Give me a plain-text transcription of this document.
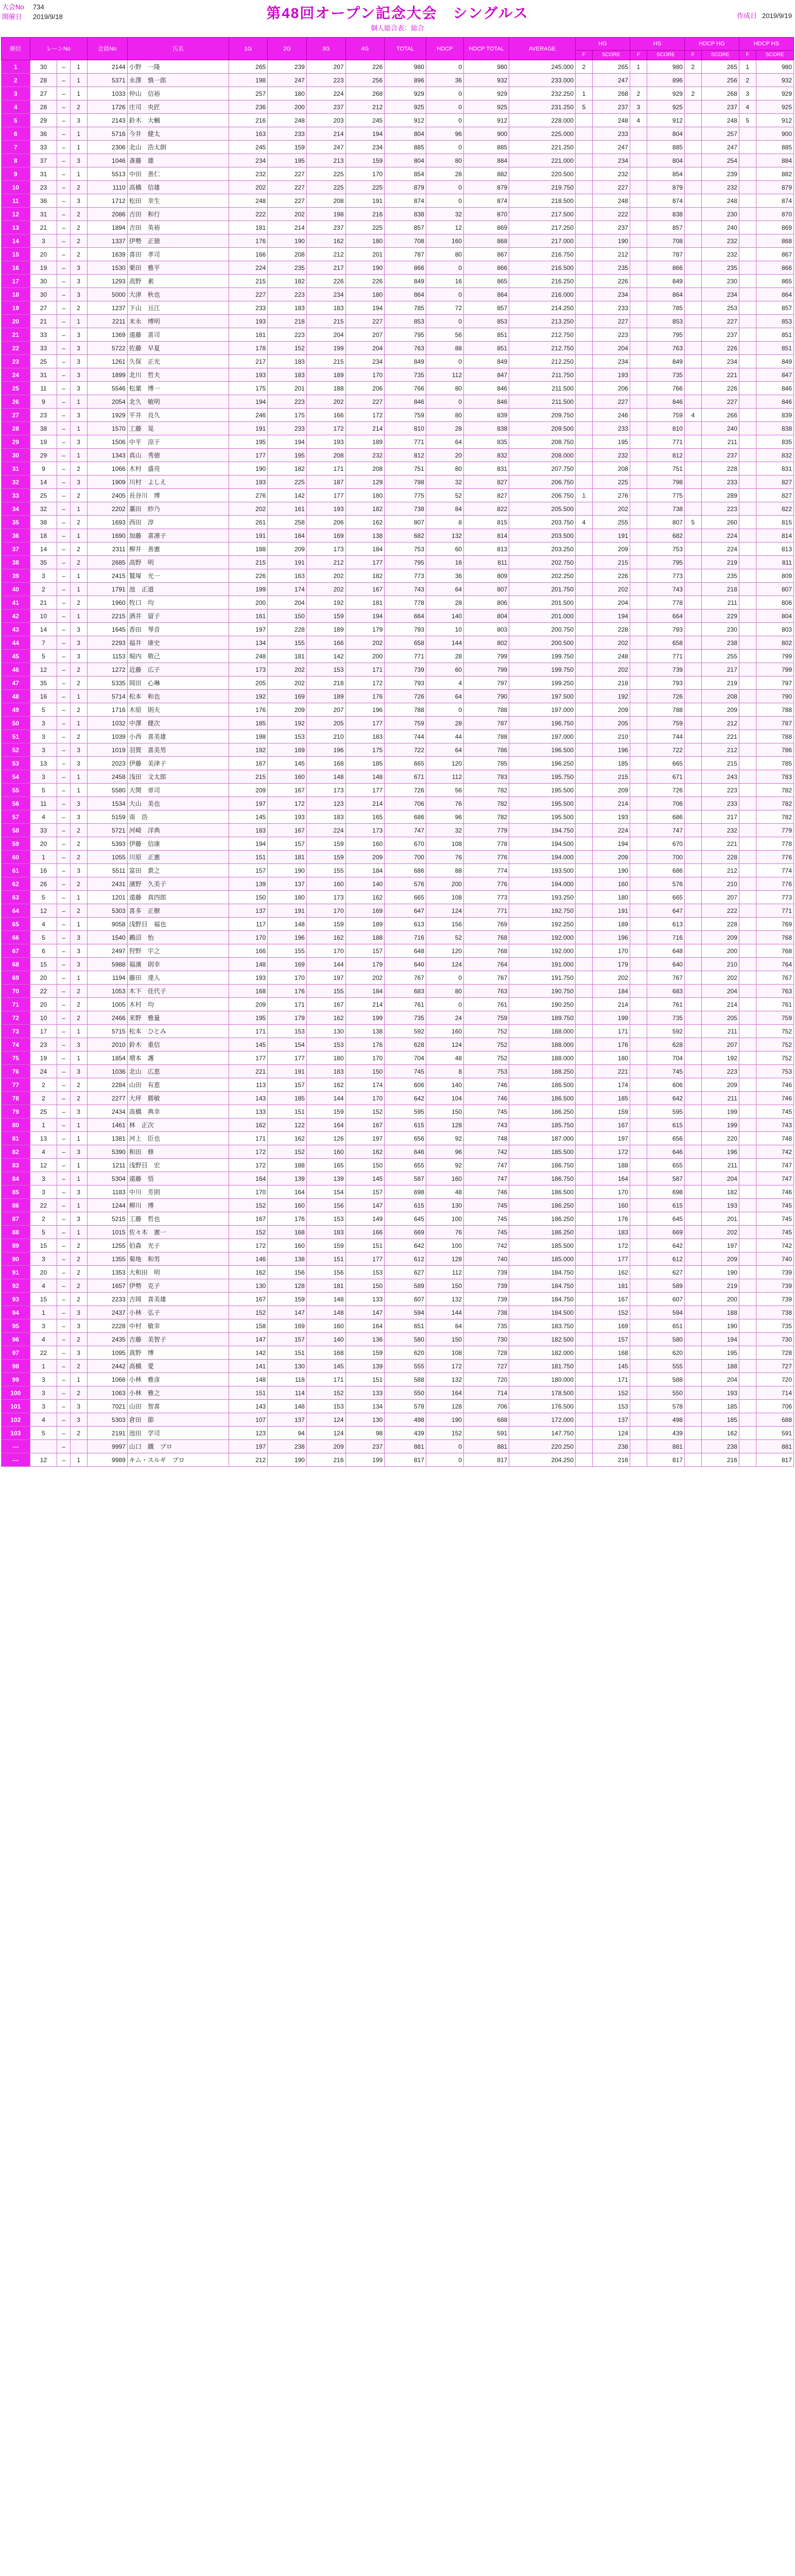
大会No	734
開催日	2019/9/18	第48回オープン記念大会　シングルス
個人総合表：総合
作成日 2019/9/19
順位	レーンNo			会員No	氏名	1G	2G	3G	4G	TOTAL	HDCP	HDCP TOTAL	AVERAGE	HG		HS		HDCP HG		HDCP HS	
														F	SCORE	F	SCORE	F	SCORE	F	SCORE
1	30	–	1	2144	小野　一隆	265	239	207	226	980	0	980	245.000	2	265	1	980	2	265	1	980
2	28	–	1	5371	永澤　慎一郎	198	247	223	256	896	36	932	233.000		247		896		256	2	932
3	27	–	1	1033	仲山　信裕	257	180	224	268	929	0	929	232.250	1	268	2	929	2	268	3	929
4	28	–	2	1726	庄司　央匠	236	200	237	212	925	0	925	231.250	5	237	3	925		237	4	925
5	29	–	3	2143	鈴木　大輔	216	248	203	245	912	0	912	228.000		248	4	912		248	5	912
6	36	–	1	5716	今井　健太	163	233	214	194	804	96	900	225.000		233		804		257		900
7	33	–	1	2306	北山　浩太朗	245	159	247	234	885	0	885	221.250		247		885		247		885
8	37	–	3	1046	斎藤　雄	234	195	213	159	804	80	884	221.000		234		804		254		884
9	31	–	1	5513	中田　善仁	232	227	225	170	854	28	882	220.500		232		854		239		882
10	23	–	2	1110	高橋　信雄	202	227	225	225	879	0	879	219.750		227		879		232		879
11	36	–	3	1712	松田　幸生	248	227	208	191	874	0	874	218.500		248		874		248		874
12	31	–	2	2086	吉田　和行	222	202	198	216	838	32	870	217.500		222		838		230		870
13	21	–	2	1894	吉田　英裕	181	214	237	225	857	12	869	217.250		237		857		240		869
14	3	–	2	1337	伊勢　正徳	176	190	162	180	708	160	868	217.000		190		708		232		868
15	20	–	2	1639	喜田　孝司	166	208	212	201	787	80	867	216.750		212		787		232		867
16	19	–	3	1530	栗田　雅平	224	235	217	190	866	0	866	216.500		235		866		235		866
17	30	–	3	1293	高野　素	215	182	226	226	849	16	865	216.250		226		849		230		865
18	30	–	3	5000	大津　秋也	227	223	234	180	864	0	864	216.000		234		864		234		864
19	27	–	2	1237	下山　亘江	233	183	183	194	785	72	857	214.250		233		785		253		857
20	21	–	1	2211	末永　博明	193	218	215	227	853	0	853	213.250		227		853		227		853
21	33	–	3	1369	遠藤　喜司	181	223	204	207	795	56	851	212.750		223		795		237		851
22	33	–	3	5722	佐藤　早夏	178	152	199	204	763	88	851	212.750		204		763		226		851
23	25	–	3	1261	久保　正光	217	183	215	234	849	0	849	212.250		234		849		234		849
24	31	–	3	1899	北川　哲夫	193	183	189	170	735	112	847	211.750		193		735		221		847
25	11	–	3	5546	松葉　博一	175	201	188	206	766	80	846	211.500		206		766		226		846
26	9	–	1	2054	北久　敏明	194	223	202	227	846	0	846	211.500		227		846		227		846
27	23	–	3	1929	平井　良久	246	175	166	172	759	80	839	209.750		246		759	4	266		839
28	38	–	1	1570	工藤　晃	191	233	172	214	810	28	838	209.500		233		810		240		838
29	19	–	3	1506	中平　涼子	195	194	193	189	771	64	835	208.750		195		771		211		835
30	29	–	1	1343	真山　秀徳	177	195	208	232	812	20	832	208.000		232		812		237		832
31	9	–	2	1066	木村　盛亮	190	182	171	208	751	80	831	207.750		208		751		228		831
32	14	–	3	1909	川村　よしえ	193	225	187	129	798	32	827	206.750		225		798		233		827
33	25	–	2	2405	長谷川　博	276	142	177	180	775	52	827	206.750	1	276		775		289		827
34	32	–	1	2202	藁田　紗乃	202	161	193	182	738	84	822	205.500		202		738		223		822
35	38	–	2	1693	西田　淳	261	258	206	162	807	8	815	203.750	4	255		807	5	260		815
36	18	–	1	1690	加藤　喜凛子	191	184	169	138	682	132	814	203.500		191		682		224		814
37	14	–	2	2311	柳井　善憲	188	209	173	184	753	60	813	203.250		209		753		224		813
38	35	–	2	2685	高野　明	215	191	212	177	795	16	811	202.750		215		795		219		811
39	3	–	1	2415	鷲塚　光一	226	163	202	182	773	36	809	202.250		226		773		235		809
40	2	–	1	1791	池　正道	199	174	202	167	743	64	807	201.750		202		743		218		807
41	21	–	2	1960	牧口　均	200	204	192	181	778	28	806	201.500		204		778		211		806
42	10	–	1	2215	酒井　留子	161	150	159	194	664	140	804	201.000		194		664		229		804
43	14	–	3	1645	香田　琴音	197	228	189	179	793	10	803	200.750		228		793		230		803
44	7	–	3	2293	福井　康史	134	155	166	202	658	144	802	200.500		202		658		238		802
45	5	–	3	1153	堀内　敬己	248	181	142	200	771	28	799	199.750		248		771		255		799
46	12	–	2	1272	近藤　広子	173	202	153	171	739	60	799	199.750		202		739		217		799
47	35	–	2	5335	岡田　心琳	205	202	218	172	793	4	797	199.250		218		793		219		797
48	16	–	1	5714	松本　和也	192	169	189	176	726	64	790	197.500		192		726		208		790
49	5	–	2	1716	木原　則夫	176	209	207	196	788	0	788	197.000		209		788		209		788
50	3	–	1	1032	中澤　健次	185	192	205	177	759	28	787	196.750		205		759		212		787
51	3	–	2	1039	小西　喜美雄	198	153	210	183	744	44	788	197.000		210		744		221		788
52	3	–	3	1019	羽賀　喜美男	192	169	196	175	722	64	786	196.500		196		722		212		786
53	13	–	3	2023	伊藤　美津子	167	145	168	185	665	120	785	196.250		185		665		215		785
54	3	–	1	2458	浅田　文太郎	215	160	148	148	671	112	783	195.750		215		671		243		783
55	5	–	1	5580	大関　章司	209	167	173	177	726	56	782	195.500		209		726		223		782
56	11	–	3	1534	大山　美也	197	172	123	214	706	76	782	195.500		214		706		233		782
57	4	–	3	5159	南　浩	145	193	183	165	686	96	782	195.500		193		686		217		782
58	33	–	2	5721	河崎　洋典	183	167	224	173	747	32	779	194.750		224		747		232		779
59	20	–	2	5393	伊藤　信康	194	157	159	160	670	108	778	194.500		194		670		221		778
60	1	–	2	1055	川原　正憲	151	181	159	209	700	76	776	194.000		209		700		228		776
61	16	–	3	5511	富田　貴之	157	190	155	184	686	88	774	193.500		190		686		212		774
62	26	–	2	2431	濱野　久美子	139	137	160	140	576	200	776	194.000		160		576		210		776
63	5	–	1	1201	遠藤　真四郎	150	180	173	162	665	108	773	193.250		180		665		207		773
64	12	–	2	5303	喜多　正樹	137	191	170	169	647	124	771	192.750		191		647		222		771
65	4	–	1	9058	浅野目　福也	117	148	159	189	613	156	769	192.250		189		613		228		769
66	5	–	3	1540	鵜沼　怡	170	196	162	188	716	52	768	192.000		196		716		209		768
67	6	–	3	2497	狩野　宇之	166	155	170	157	648	120	768	192.000		170		648		200		768
68	15	–	3	5988	福濱　則幸	148	169	144	179	640	124	764	191.000		179		640		210		764
69	20	–	1	1194	藤田　達人	193	170	197	202	767	0	767	191.750		202		767		202		767
70	22	–	2	1053	木下　佳代子	168	176	155	184	683	80	763	190.750		184		683		204		763
71	20	–	2	1005	木村　均	209	171	167	214	761	0	761	190.250		214		761		214		761
72	10	–	2	2466	来野　雅量	195	179	162	199	735	24	759	189.750		199		735		205		759
73	17	–	1	5715	松本　ひとみ	171	153	130	138	592	160	752	188.000		171		592		211		752
74	23	–	3	2010	鈴木　重信	145	154	153	176	628	124	752	188.000		176		628		207		752
75	19	–	1	1854	増本　護	177	177	180	170	704	48	752	188.000		180		704		192		752
76	24	–	3	1036	北山　広恵	221	191	183	150	745	8	753	188.250		221		745		223		753
77	2	–	2	2284	山田　有恵	113	157	162	174	606	140	746	186.500		174		606		209		746
78	2	–	2	2277	大坪　勝敏	143	185	144	170	642	104	746	186.500		185		642		211		746
79	25	–	3	2434	高橋　典幸	133	151	159	152	595	150	745	186.250		159		595		199		745
80	1	–	1	1461	林　正次	162	122	164	167	615	128	743	185.750		167		615		199		743
81	13	–	1	1381	河上　臣也	171	162	126	197	656	92	748	187.000		197		656		220		748
82	4	–	3	5390	和田　修	172	152	160	162	646	96	742	185.500		172		646		196		742
83	12	–	1	1211	浅野目　宏	172	188	165	150	655	92	747	186.750		188		655		211		747
84	3	–	1	5304	遠藤　悟	164	139	139	145	587	160	747	186.750		164		587		204		747
85	3	–	3	1183	中川　芳則	170	164	154	157	698	48	746	186.500		170		698		182		746
86	22	–	1	1244	柳川　博	152	160	156	147	615	130	745	186.250		160		615		193		745
87	2	–	3	5215	工藤　哲也	167	176	153	149	645	100	745	186.250		176		645		201		745
88	5	–	1	1015	佐々木　憲一	152	168	183	166	669	76	745	186.250		183		669		202		745
89	15	–	2	1255	伯森　光子	172	160	159	151	642	100	742	185.500		172		642		197		742
90	3	–	2	1355	菊地　和男	146	138	151	177	612	128	740	185.000		177		612		209		740
91	20	–	2	1353	大和田　明	162	156	156	153	627	112	739	184.750		162		627		190		739
92	4	–	2	1657	伊勢　克子	130	128	181	150	589	150	739	184.750		181		589		219		739
93	15	–	2	2233	吉岡　喜美雄	167	159	148	133	607	132	739	184.750		167		607		200		739
94	1	–	3	2437	小林　弘子	152	147	148	147	594	144	738	184.500		152		594		188		738
95	3	–	3	2228	中村　敏幸	158	169	160	164	651	84	735	183.750		169		651		190		735
96	4	–	2	2435	吉藤　美智子	147	157	140	136	580	150	730	182.500		157		580		194		730
97	22	–	3	1095	真野　博	142	151	168	159	620	108	728	182.000		168		620		195		728
98	1	–	2	2442	高橋　愛	141	130	145	139	555	172	727	181.750		145		555		188		727
99	3	–	1	1066	小林　雅彦	148	118	171	151	588	132	720	180.000		171		588		204		720
100	3	–	2	1063	小林　雅之	151	114	152	133	550	164	714	178.500		152		550		193		714
101	3	–	3	7021	山田　智喜	143	148	153	134	578	128	706	176.500		153		578		185		706
102	4	–	3	5303	倉田　節	107	137	124	130	498	190	688	172.000		137		498		185		688
103	5	–	2	2191	池田　学司	123	94	124	98	439	152	591	147.750		124		439		162		591
---		–		9997	山口　鐵　プロ	197	238	209	237	881	0	881	220.250		238		881		238		881
---	12	–	1	9989	キム・スルギ　プロ	212	190	216	199	817	0	817	204.250		216		817		216		817
